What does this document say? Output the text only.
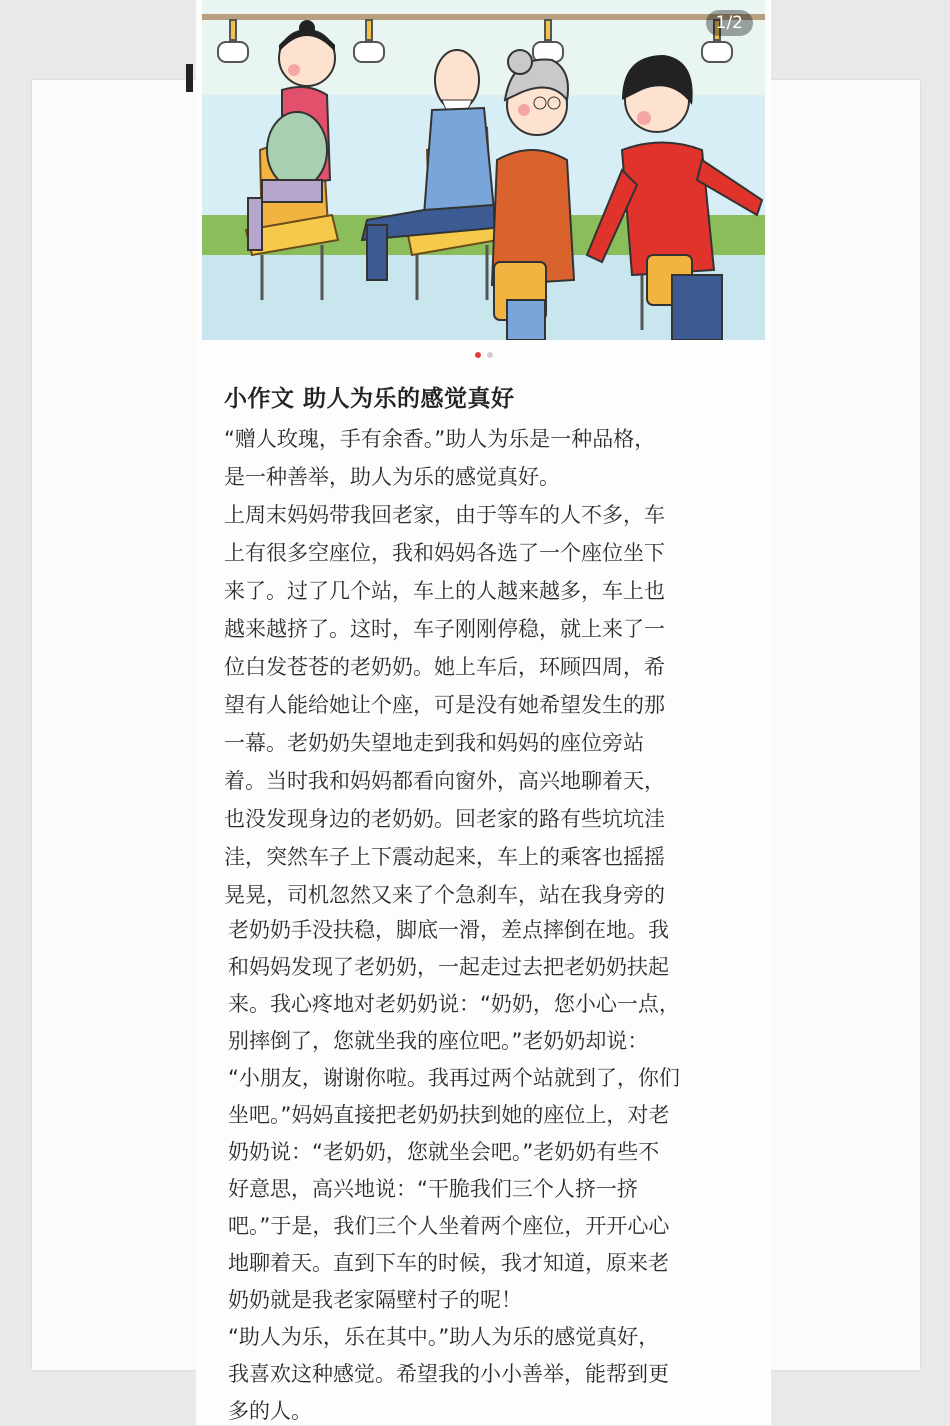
1/2

小作文 助人为乐的感觉真好
“赠人玫瑰，手有余香。”助人为乐是一种品格，
是一种善举，助人为乐的感觉真好。
上周末妈妈带我回老家，由于等车的人不多，车
上有很多空座位，我和妈妈各选了一个座位坐下
来了。过了几个站，车上的人越来越多，车上也
越来越挤了。这时，车子刚刚停稳，就上来了一
位白发苍苍的老奶奶。她上车后，环顾四周，希
望有人能给她让个座，可是没有她希望发生的那
一幕。老奶奶失望地走到我和妈妈的座位旁站
着。当时我和妈妈都看向窗外，高兴地聊着天，
也没发现身边的老奶奶。回老家的路有些坑坑洼
洼，突然车子上下震动起来，车上的乘客也摇摇
晃晃，司机忽然又来了个急刹车，站在我身旁的
老奶奶手没扶稳，脚底一滑，差点摔倒在地。我
和妈妈发现了老奶奶，一起走过去把老奶奶扶起
来。我心疼地对老奶奶说：“奶奶，您小心一点，
别摔倒了，您就坐我的座位吧。”老奶奶却说：
“小朋友，谢谢你啦。我再过两个站就到了，你们
坐吧。”妈妈直接把老奶奶扶到她的座位上，对老
奶奶说：“老奶奶，您就坐会吧。”老奶奶有些不
好意思，高兴地说：“干脆我们三个人挤一挤
吧。”于是，我们三个人坐着两个座位，开开心心
地聊着天。直到下车的时候，我才知道，原来老
奶奶就是我老家隔壁村子的呢！
“助人为乐，乐在其中。”助人为乐的感觉真好，
我喜欢这种感觉。希望我的小小善举，能帮到更
多的人。
